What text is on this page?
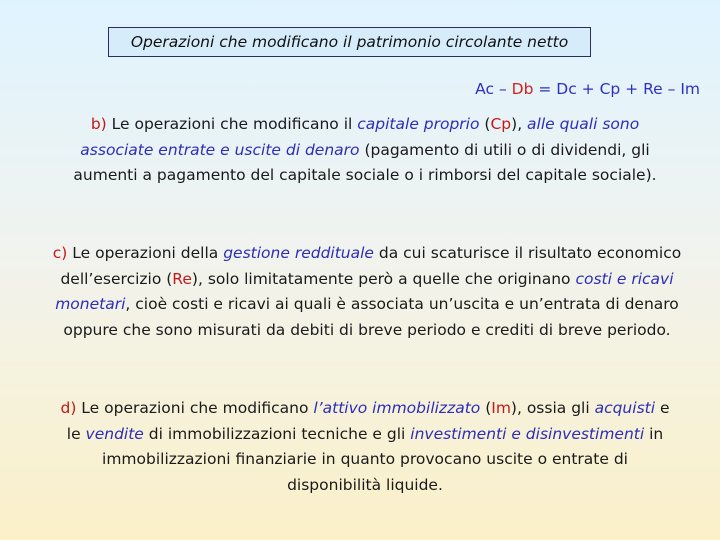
Operazioni che modificano il patrimonio circolante netto
Ac – Db = Dc + Cp + Re – Im
b) Le operazioni che modificano il capitale proprio (Cp), alle quali sono associate entrate e uscite di denaro (pagamento di utili o di dividendi, gli aumenti a pagamento del capitale sociale o i rimborsi del capitale sociale).
c) Le operazioni della gestione reddituale da cui scaturisce il risultato economico dell’esercizio (Re), solo limitatamente però a quelle che originano costi e ricavi monetari, cioè costi e ricavi ai quali è associata un’uscita e un’entrata di denaro oppure che sono misurati da debiti di breve periodo e crediti di breve periodo.
d) Le operazioni che modificano l’attivo immobilizzato (Im), ossia gli acquisti e le vendite di immobilizzazioni tecniche e gli investimenti e disinvestimenti in immobilizzazioni finanziarie in quanto provocano uscite o entrate di disponibilità liquide.
